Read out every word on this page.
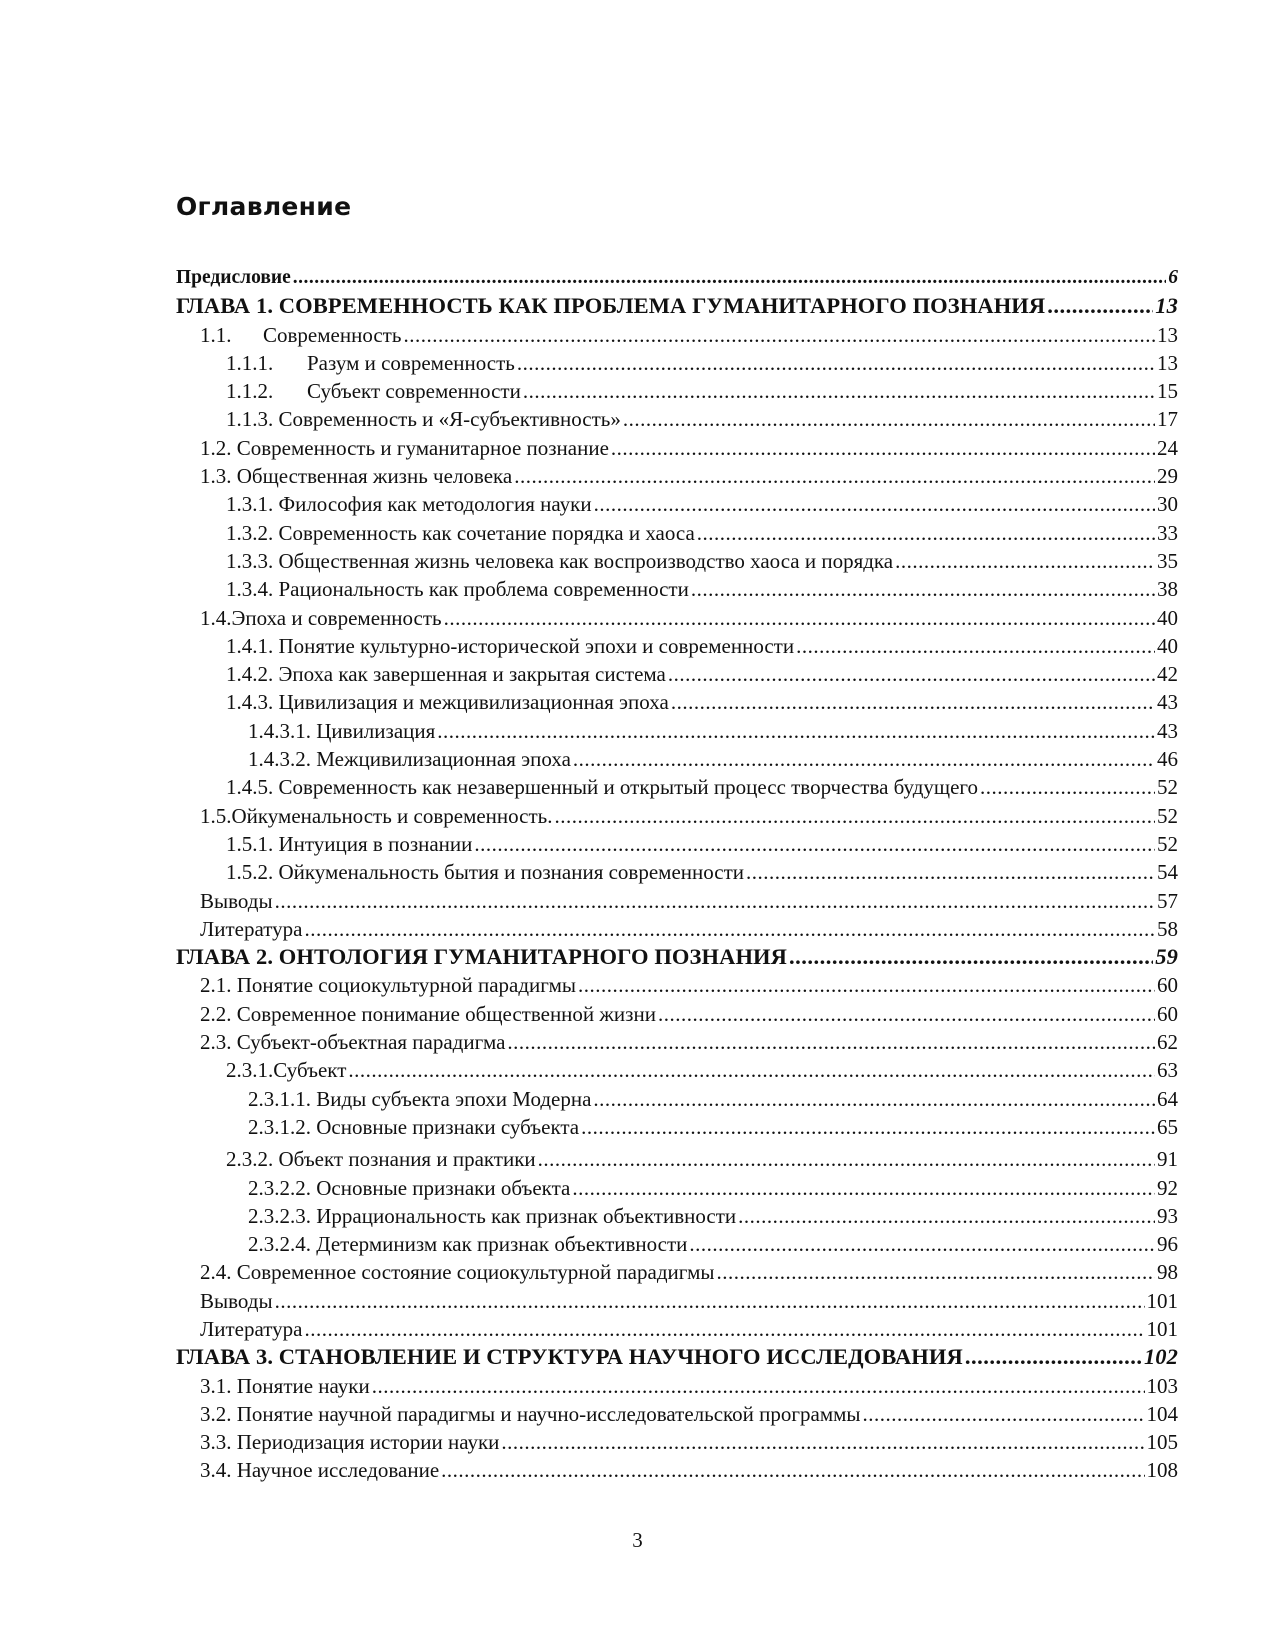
Оглавление
Предисловие .....	6
ГЛАВА 1. СОВРЕМЕННОСТЬ КАК ПРОБЛЕМА ГУМАНИТАРНОГО ПОЗНАНИЯ .....	13
1.1.	Современность .....	13
1.1.1.	Разум и современность .....	13
1.1.2.	Субъект современности .....	15
1.1.3. Современность и «Я-субъективность» .....	17
1.2. Современность и гуманитарное познание .....	24
1.3. Общественная жизнь человека .....	29
1.3.1. Философия как методология науки .....	30
1.3.2. Современность как сочетание порядка и хаоса .....	33
1.3.3. Общественная жизнь человека как воспроизводство хаоса и порядка .....	35
1.3.4. Рациональность как проблема современности .....	38
1.4.Эпоха и современность .....	40
1.4.1. Понятие культурно-исторической эпохи и современности .....	40
1.4.2. Эпоха как завершенная и закрытая система .....	42
1.4.3. Цивилизация и межцивилизационная эпоха .....	43
1.4.3.1. Цивилизация .....	43
1.4.3.2. Межцивилизационная эпоха .....	46
1.4.5. Современность как незавершенный и открытый процесс творчества будущего .....	52
1.5.Ойкуменальность и современность. .....	52
1.5.1. Интуиция в познании .....	52
1.5.2. Ойкуменальность бытия и познания современности .....	54
Выводы .....	57
Литература .....	58
ГЛАВА 2. ОНТОЛОГИЯ ГУМАНИТАРНОГО ПОЗНАНИЯ .....	59
2.1. Понятие социокультурной парадигмы .....	60
2.2. Современное понимание общественной жизни .....	60
2.3. Субъект-объектная парадигма .....	62
2.3.1.Субъект .....	63
2.3.1.1. Виды субъекта эпохи Модерна .....	64
2.3.1.2. Основные признаки субъекта .....	65
2.3.2. Объект познания и практики .....	91
2.3.2.2. Основные признаки объекта .....	92
2.3.2.3. Иррациональность как признак объективности .....	93
2.3.2.4. Детерминизм как признак объективности .....	96
2.4. Современное состояние социокультурной парадигмы .....	98
Выводы .....	101
Литература .....	101
ГЛАВА 3. СТАНОВЛЕНИЕ И СТРУКТУРА НАУЧНОГО ИССЛЕДОВАНИЯ .....	102
3.1. Понятие науки .....	103
3.2. Понятие научной парадигмы и научно-исследовательской программы .....	104
3.3. Периодизация истории науки .....	105
3.4. Научное исследование .....	108
3
